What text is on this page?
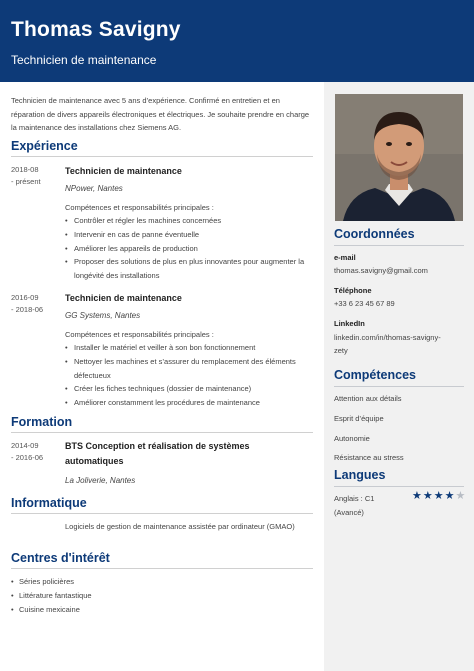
Thomas Savigny
Technicien de maintenance
Coordonnées
e-mail
thomas.savigny@gmail.com
Téléphone
+33 6 23 45 67 89
LinkedIn
linkedin.com/in/thomas-savigny-
zety
Compétences
Attention aux détails
Esprit d’équipe
Autonomie
Résistance au stress
Langues
Anglais : C1
(Avancé)
★ ★ ★ ★ ★
Technicien de maintenance avec 5 ans d’expérience. Confirmé en entretien et en réparation de divers appareils électroniques et électriques. Je souhaite prendre en charge la maintenance des installations chez Siemens AG.
Expérience
2018-08
- présent
Technicien de maintenance
NPower, Nantes
Compétences et responsabilités principales :
• Contrôler et régler les machines concernées
• Intervenir en cas de panne éventuelle
• Améliorer les appareils de production
• Proposer des solutions de plus en plus innovantes pour augmenter la longévité des installations
2016-09
- 2018-06
Technicien de maintenance
GG Systems, Nantes
Compétences et responsabilités principales :
• Installer le matériel et veiller à son bon fonctionnement
• Nettoyer les machines et s’assurer du remplacement des éléments défectueux
• Créer les fiches techniques (dossier de maintenance)
• Améliorer constamment les procédures de maintenance
Formation
2014-09
- 2016-06
BTS Conception et réalisation de systèmes automatiques
La Joliverie, Nantes
Informatique
Logiciels de gestion de maintenance assistée par ordinateur (GMAO)
Centres d'intérêt
• Séries policières
• Littérature fantastique
• Cuisine mexicaine
